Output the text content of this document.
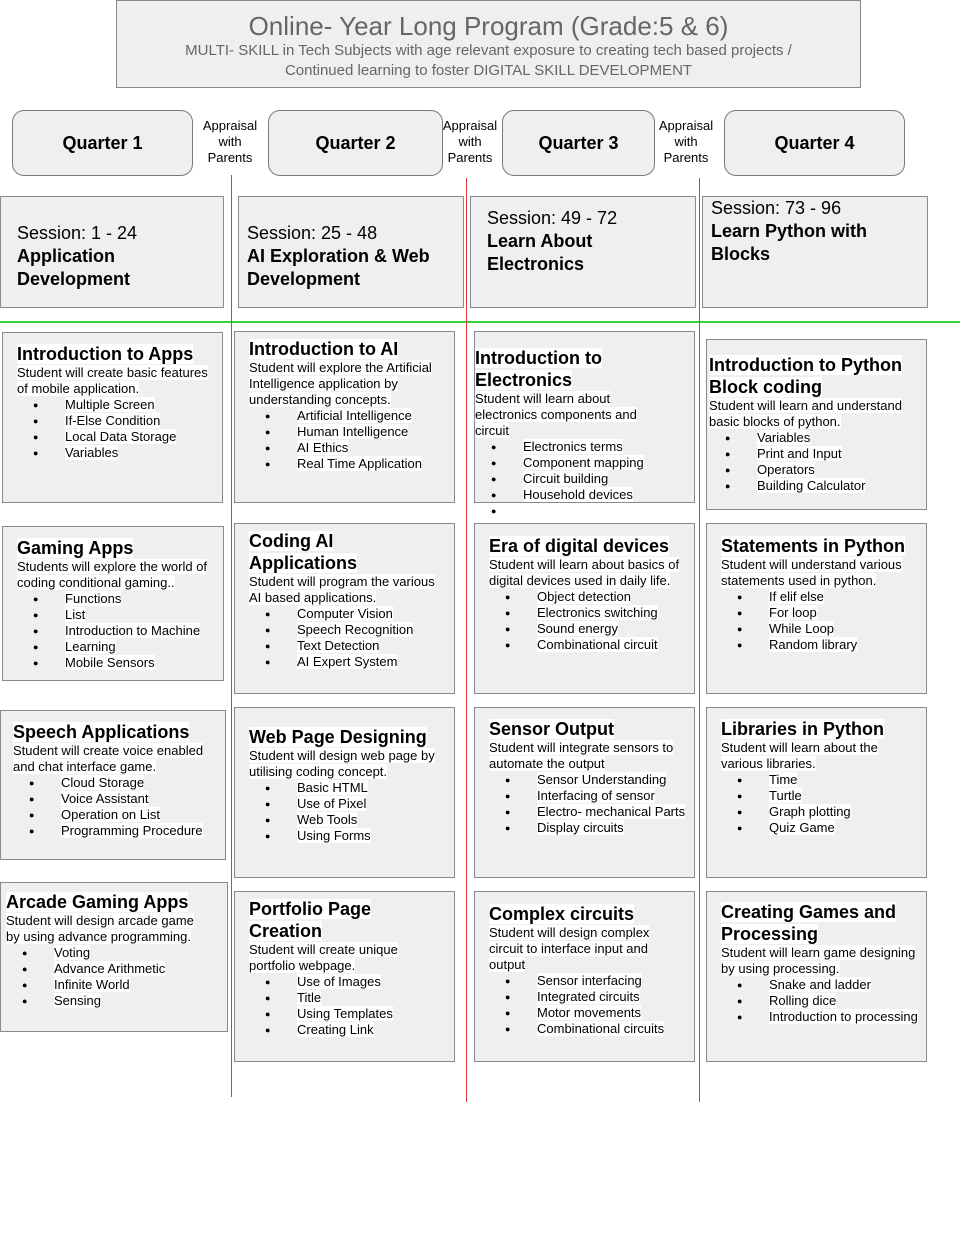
Online- Year Long Program (Grade:5 & 6)
MULTI- SKILL in Tech Subjects with age relevant exposure to creating tech based projects /
Continued learning to foster DIGITAL SKILL DEVELOPMENT
Quarter 1	Quarter 2	Quarter 3	Quarter 4
Appraisal
with
Parents
Appraisal
with
Parents
Appraisal
with
Parents
Session: 1 - 24
Application
Development
Session: 25 - 48
AI Exploration & Web
Development
Session: 49 - 72
Learn About
Electronics
Session: 73 - 96
Learn Python with
Blocks
Introduction to Apps
Student will create basic features
of mobile application.
● Multiple Screen
● If-Else Condition
● Local Data Storage
● Variables
Gaming Apps
Students will explore the world of
coding conditional gaming..
● Functions
● List
● Introduction to Machine
● Learning
● Mobile Sensors
Speech Applications
Student will create voice enabled
and chat interface game.
● Cloud Storage
● Voice Assistant
● Operation on List
● Programming Procedure
Arcade Gaming Apps
Student will design arcade game
by using advance programming.
● Voting
● Advance Arithmetic
● Infinite World
● Sensing
Introduction to AI
Student will explore the Artificial
Intelligence application by
understanding concepts.
● Artificial Intelligence
● Human Intelligence
● AI Ethics
● Real Time Application
Coding AI
Applications
Student will program the various
AI based applications.
● Computer Vision
● Speech Recognition
● Text Detection
● AI Expert System
Web Page Designing
Student will design web page by
utilising coding concept.
● Basic HTML
● Use of Pixel
● Web Tools
● Using Forms
Portfolio Page
Creation
Student will create unique
portfolio webpage.
● Use of Images
● Title
● Using Templates
● Creating Link
Introduction to
Electronics
Student will learn about
electronics components and
circuit
● Electronics terms
● Component mapping
● Circuit building
● Household devices
Era of digital devices
Student will learn about basics of
digital devices used in daily life.
● Object detection
● Electronics switching
● Sound energy
● Combinational circuit
Sensor Output
Student will integrate sensors to
automate the output
● Sensor Understanding
● Interfacing of sensor
● Electro- mechanical Parts
● Display circuits
Complex circuits
Student will design complex
circuit to interface input and
output
● Sensor interfacing
● Integrated circuits
● Motor movements
● Combinational circuits
Introduction to Python
Block coding
Student will learn and understand
basic blocks of python.
● Variables
● Print and Input
● Operators
● Building Calculator
Statements in Python
Student will understand various
statements used in python.
● If elif else
● For loop
● While Loop
● Random library
Libraries in Python
Student will learn about the
various libraries.
● Time
● Turtle
● Graph plotting
● Quiz Game
Creating Games and
Processing
Student will learn game designing
by using processing.
● Snake and ladder
● Rolling dice
● Introduction to processing
